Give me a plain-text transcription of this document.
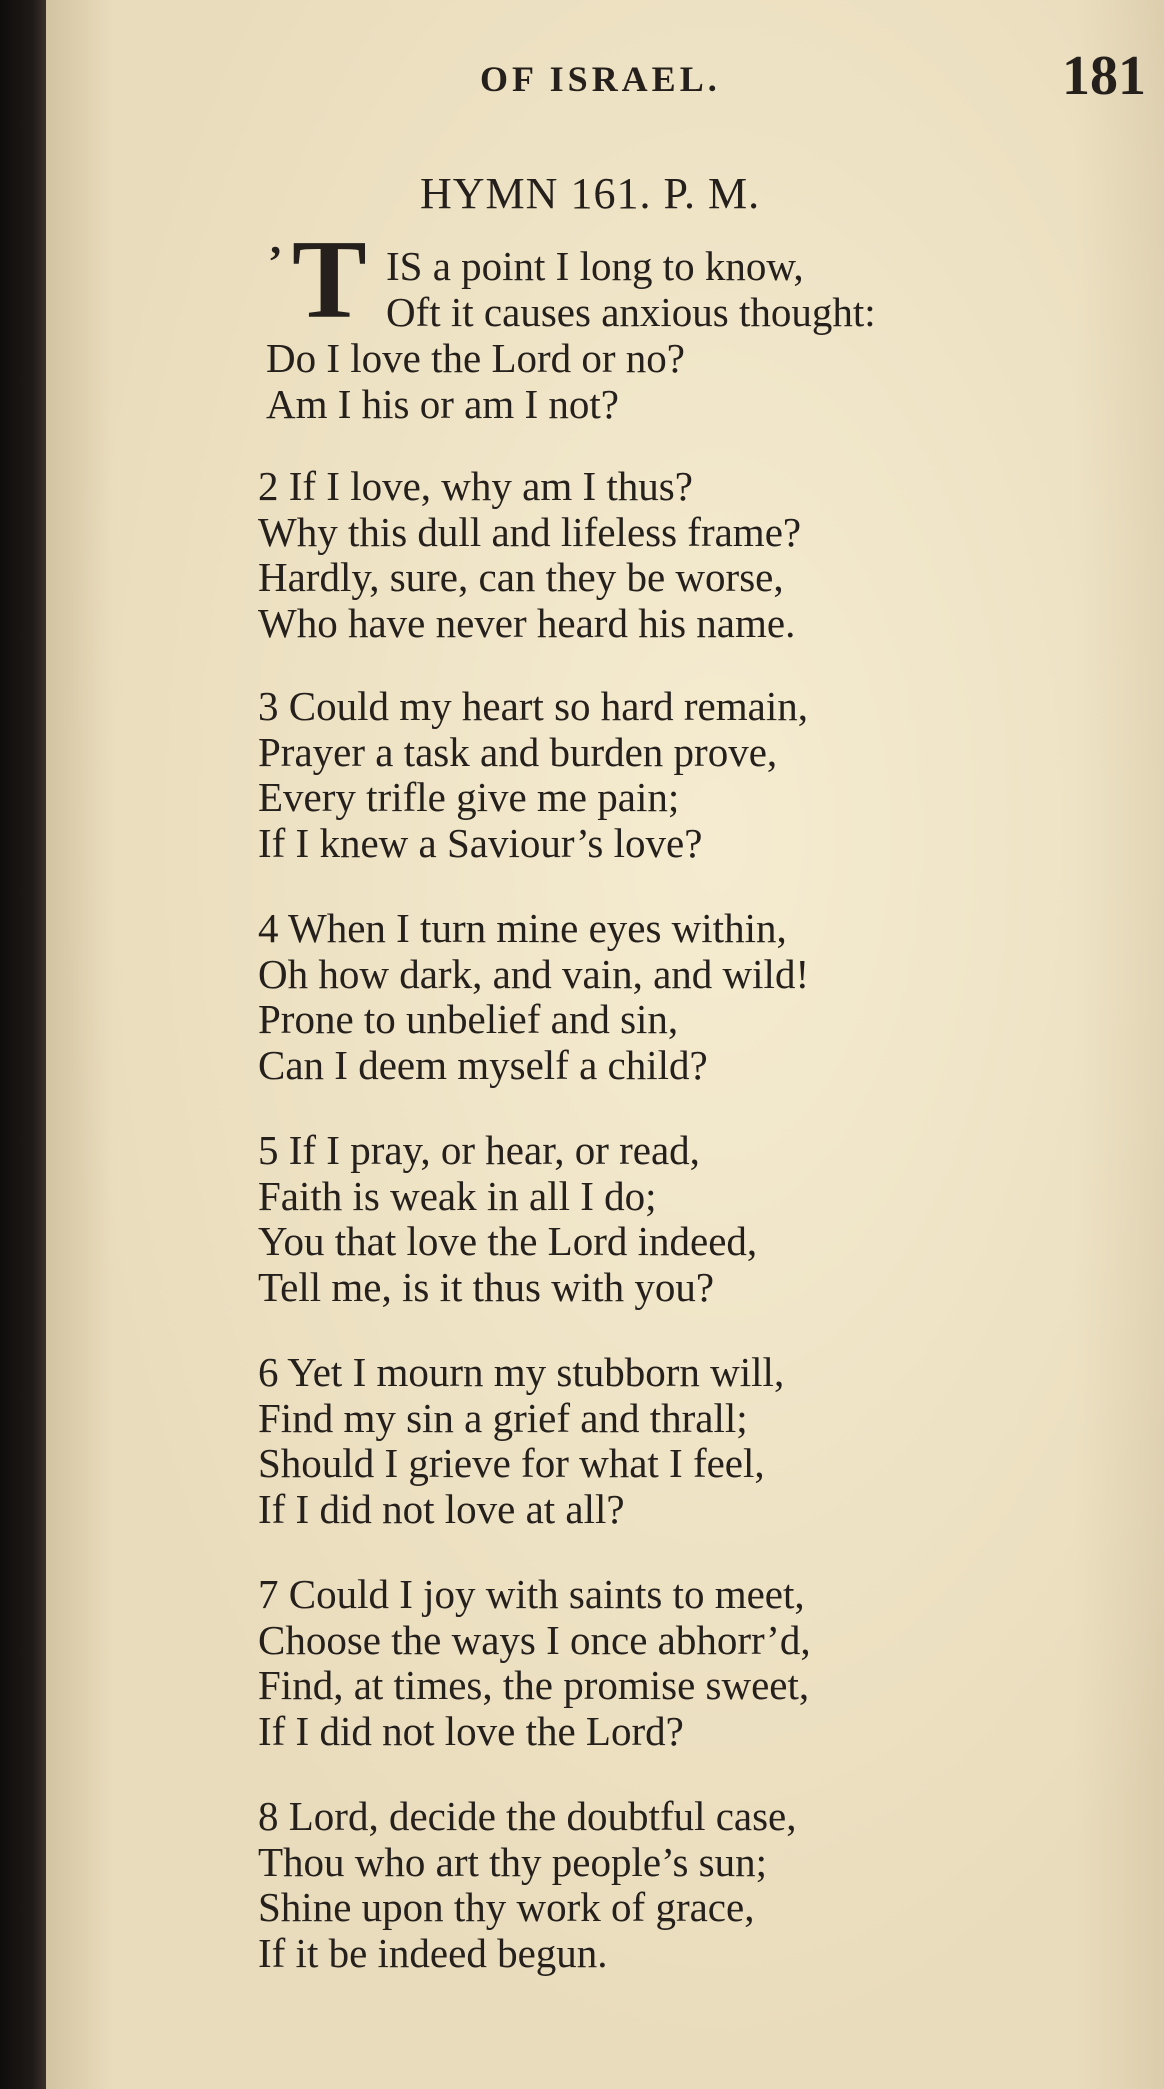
OF ISRAEL.	181
HYMN 161. P. M.
’ T IS a point I long to know,
Oft it causes anxious thought:
Do I love the Lord or no?
Am I his or am I not?
2 If I love, why am I thus?
Why this dull and lifeless frame?
Hardly, sure, can they be worse,
Who have never heard his name.
3 Could my heart so hard remain,
Prayer a task and burden prove,
Every trifle give me pain;
If I knew a Saviour’s love?
4 When I turn mine eyes within,
Oh how dark, and vain, and wild!
Prone to unbelief and sin,
Can I deem myself a child?
5 If I pray, or hear, or read,
Faith is weak in all I do;
You that love the Lord indeed,
Tell me, is it thus with you?
6 Yet I mourn my stubborn will,
Find my sin a grief and thrall;
Should I grieve for what I feel,
If I did not love at all?
7 Could I joy with saints to meet,
Choose the ways I once abhorr’d,
Find, at times, the promise sweet,
If I did not love the Lord?
8 Lord, decide the doubtful case,
Thou who art thy people’s sun;
Shine upon thy work of grace,
If it be indeed begun.
